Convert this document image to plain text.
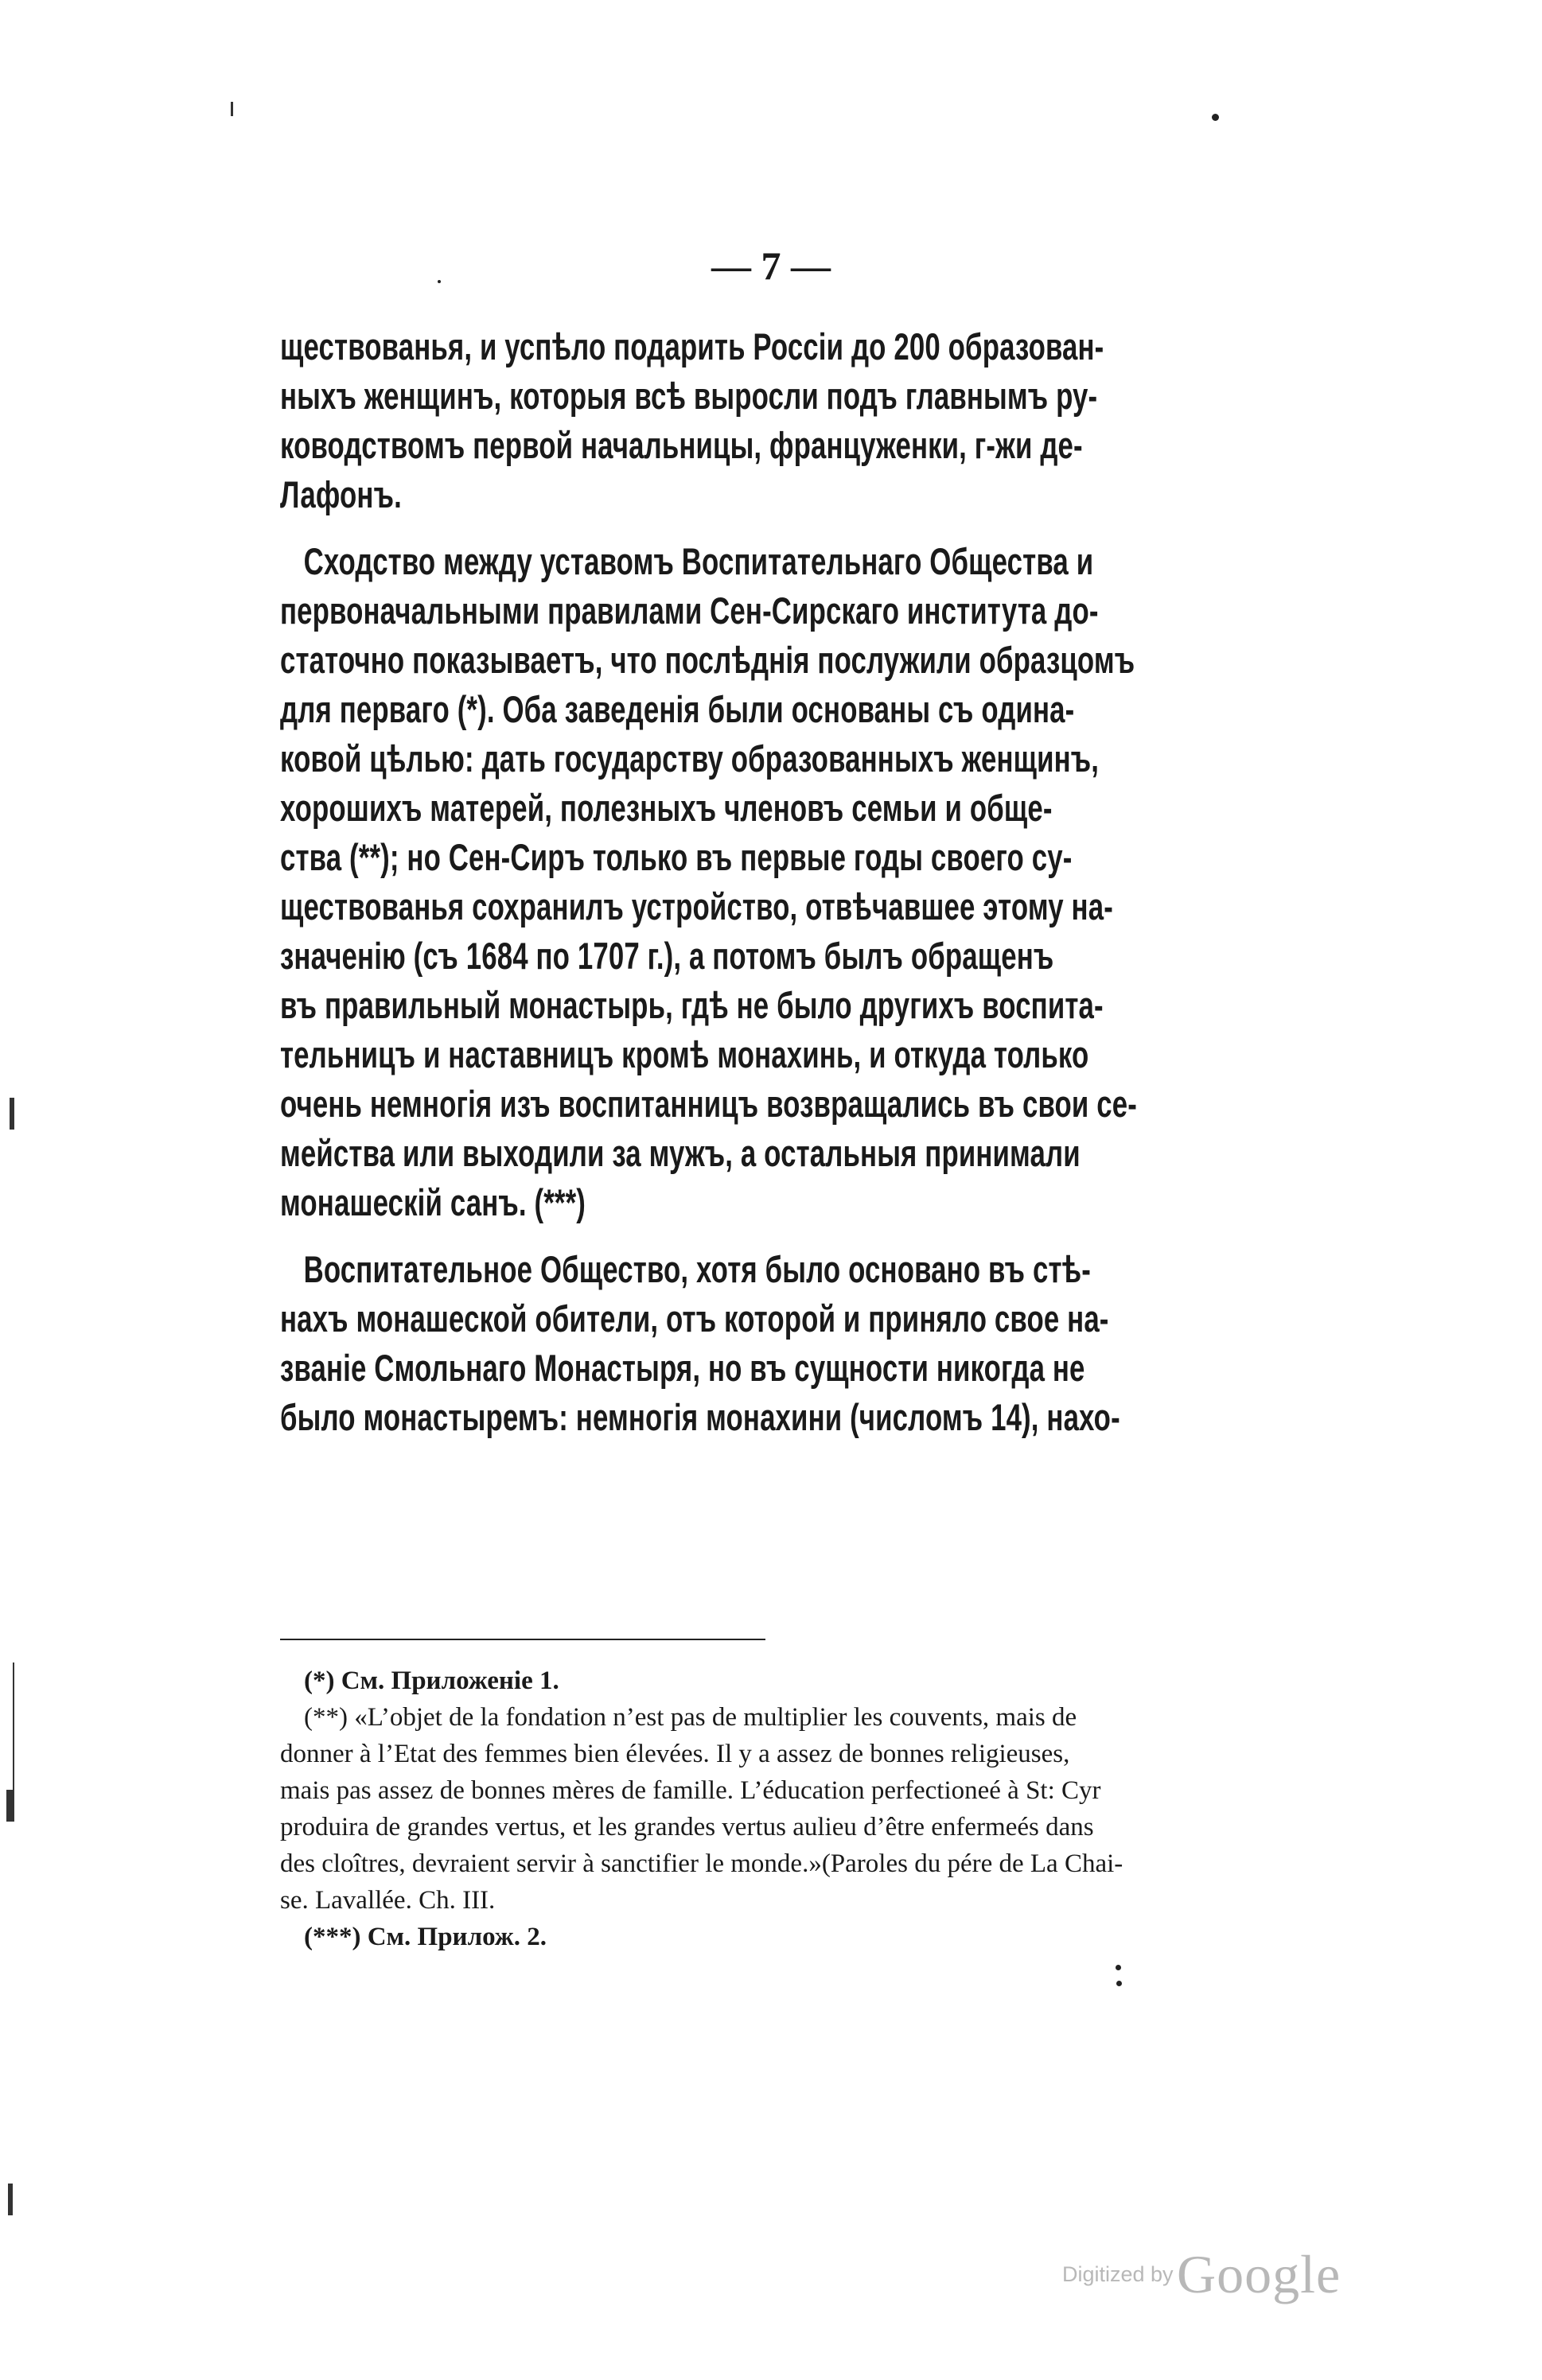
— 7 —
ществованья, и успѣло подарить Россіи до 200 образован-
ныхъ женщинъ, которыя всѣ выросли подъ главнымъ ру-
ководствомъ первой начальницы, француженки, г-жи де-
Лафонъ.
Сходство между уставомъ Воспитательнаго Общества и
первоначальными правилами Сен-Сирскаго института до-
статочно показываетъ, что послѣднія послужили образцомъ
для перваго (*). Оба заведенія были основаны съ одина-
ковой цѣлью: дать государству образованныхъ женщинъ,
хорошихъ матерей, полезныхъ членовъ семьи и обще-
ства (**); но Сен-Сиръ только въ первые годы своего су-
ществованья сохранилъ устройство, отвѣчавшее этому на-
значенію (съ 1684 по 1707 г.), а потомъ былъ обращенъ
въ правильный монастырь, гдѣ не было другихъ воспита-
тельницъ и наставницъ кромѣ монахинь, и откуда только
очень немногія изъ воспитанницъ возвращались въ свои се-
мейства или выходили за мужъ, а остальныя принимали
монашескій санъ. (***)
Воспитательное Общество, хотя было основано въ стѣ-
нахъ монашеской обители, отъ которой и приняло свое на-
званіе Смольнаго Монастыря, но въ сущности никогда не
было монастыремъ: немногія монахини (числомъ 14), нахо-
(*) См. Приложеніе 1.
(**) «L’objet de la fondation n’est pas de multiplier les couvents, mais de
donner à l’Etat des femmes bien élevées. Il y a assez de bonnes religieuses,
mais pas assez de bonnes mères de famille. L’éducation perfectioneé à St: Cyr
produira de grandes vertus, et les grandes vertus aulieu d’être enfermeés dans
des cloîtres, devraient servir à sanctifier le monde.»(Paroles du pére de La Chai-
se. Lavallée. Ch. III.
(***) См. Прилож. 2.
Digitized by Google
